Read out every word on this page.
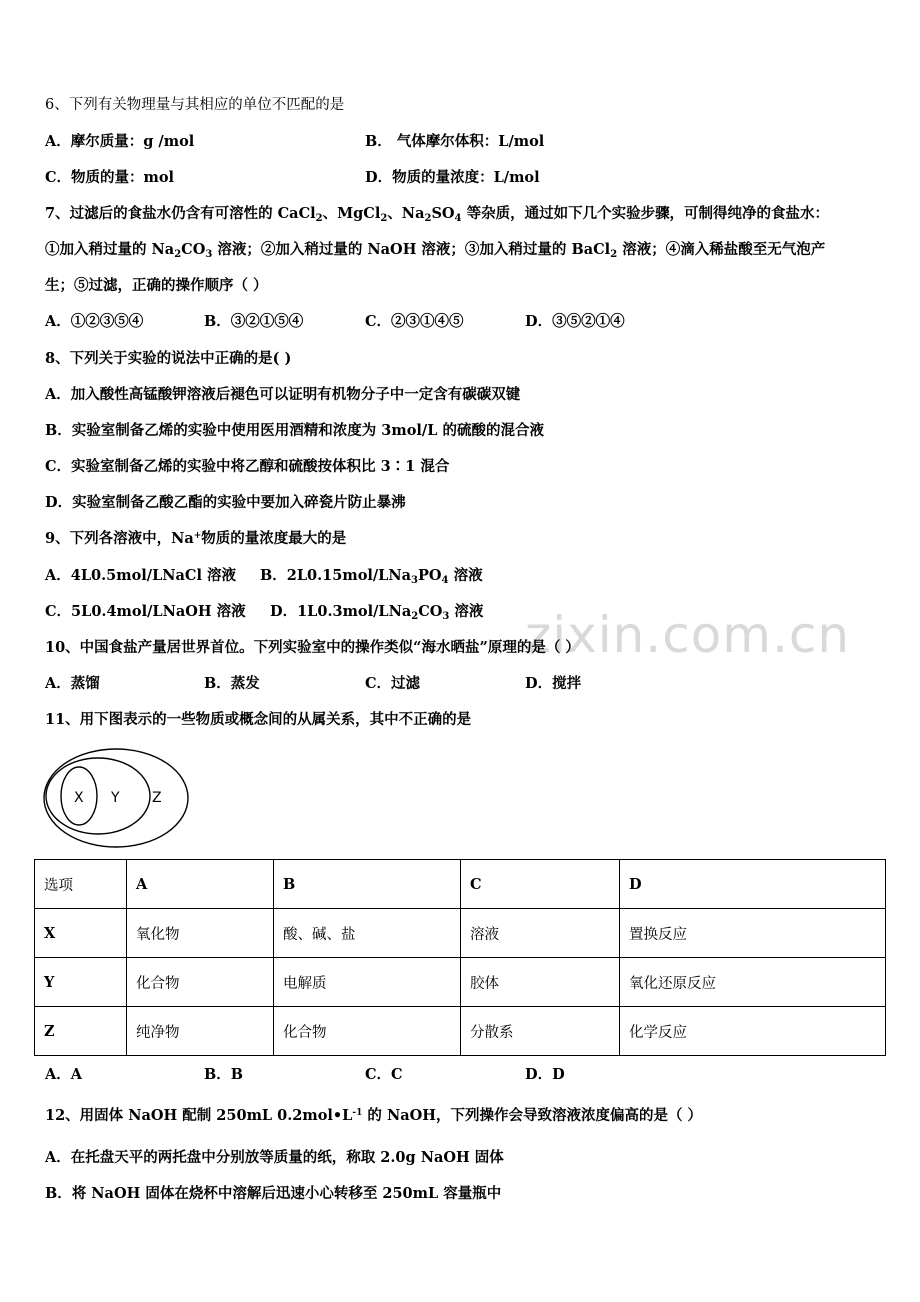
zixin.com.cn
6、下列有关物理量与其相应的单位不匹配的是
A．摩尔质量：g /mol	B． 气体摩尔体积：L/mol
C．物质的量：mol	D．物质的量浓度：L/mol
7、过滤后的食盐水仍含有可溶性的 CaCl$_2$、MgCl$_2$、$Na_2SO_4$ 等杂质，通过如下几个实验步骤，可制得纯净的食盐水：
①加入稍过量的 $Na_2CO_3$ 溶液；②加入稍过量的 NaOH 溶液；③加入稍过量的 BaCl$_2$ 溶液；④滴入稀盐酸至无气泡产
生；⑤过滤，正确的操作顺序（ ）
A．①②③⑤④	B．③②①⑤④	C．②③①④⑤	D．③⑤②①④
8、下列关于实验的说法中正确的是( )
A．加入酸性高锰酸钾溶液后褪色可以证明有机物分子中一定含有碳碳双键
B．实验室制备乙烯的实验中使用医用酒精和浓度为 3mol/L 的硫酸的混合液
C．实验室制备乙烯的实验中将乙醇和硫酸按体积比 3∶1 混合
D．实验室制备乙酸乙酯的实验中要加入碎瓷片防止暴沸
9、下列各溶液中，Na+物质的量浓度最大的是
A．4L0.5mol/LNaCl 溶液 B．$2L0.15mol/LNa_3PO_4$ 溶液
C．5L0.4mol/LNaOH 溶液 D．$1L0.3mol/LNa_2CO_3$ 溶液
10、中国食盐产量居世界首位。下列实验室中的操作类似“海水晒盐”原理的是（ ）
A．蒸馏	B．蒸发	C．过滤	D．搅拌
11、用下图表示的一些物质或概念间的从属关系，其中不正确的是
X Y Z
选项	A	B	C	D
X	氧化物	酸、碱、盐	溶液	置换反应
Y	化合物	电解质	胶体	氧化还原反应
Z	纯净物	化合物	分散系	化学反应
A．A	B．B	C．C	D．D
12、用固体 NaOH 配制 250mL $0.2mol•L^{-1}$ 的 NaOH，下列操作会导致溶液浓度偏高的是（ ）
A．在托盘天平的两托盘中分别放等质量的纸，称取 2.0g NaOH 固体
B．将 NaOH 固体在烧杯中溶解后迅速小心转移至 250mL 容量瓶中
